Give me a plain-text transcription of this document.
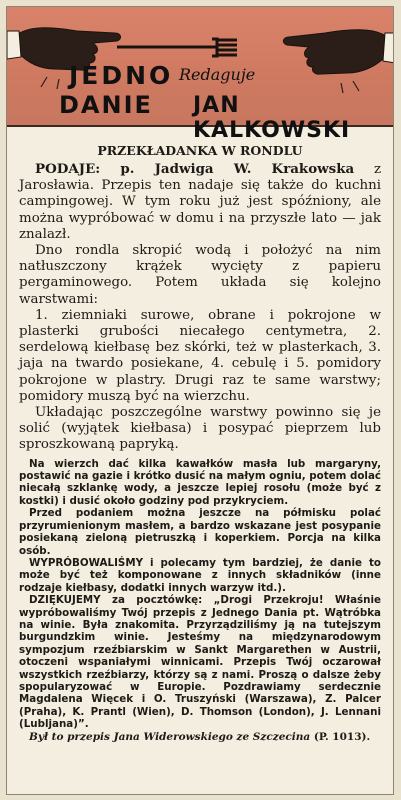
JEDNO Redaguje
DANIE JAN KALKOWSKI

PRZEKŁADANKA W RONDLU

PODAJE: p. Jadwiga W. Krakowska z Jarosławia. Przepis ten nadaje się także do kuchni campingowej. W tym roku już jest spóźniony, ale można wypróbować w domu i na przyszłe lato — jak znalazł.

Dno rondla skropić wodą i położyć na nim natłuszczony krążek wycięty z papieru pergaminowego. Potem układa się kolejno warstwami:

1. ziemniaki surowe, obrane i pokrojone w plasterki grubości niecałego centymetra, 2. serdelową kiełbasę bez skórki, też w plasterkach, 3. jaja na twardo posiekane, 4. cebulę i 5. pomidory pokrojone w plastry. Drugi raz te same warstwy; pomidory muszą być na wierzchu.

Układając poszczególne warstwy powinno się je solić (wyjątek kiełbasa) i posypać pieprzem lub sproszkowaną papryką.

Na wierzch dać kilka kawałków masła lub margaryny, postawić na gazie i krótko dusić na małym ogniu, potem dolać niecałą szklankę wody, a jeszcze lepiej rosołu (może być z kostki) i dusić około godziny pod przykryciem.

Przed podaniem można jeszcze na półmisku polać przyrumienionym masłem, a bardzo wskazane jest posypanie posiekaną zieloną pietruszką i koperkiem. Porcja na kilka osób.

WYPRÓBOWALIŚMY i polecamy tym bardziej, że danie to może być też komponowane z innych składników (inne rodzaje kiełbasy, dodatki innych warzyw itd.).

DZIĘKUJEMY za pocztówkę: „Drogi Przekroju! Właśnie wypróbowaliśmy Twój przepis z Jednego Dania pt. Wątróbka na winie. Była znakomita. Przyrządziliśmy ją na tutejszym burgundzkim winie. Jesteśmy na międzynarodowym sympozjum rzeźbiarskim w Sankt Margarethen w Austrii, otoczeni wspaniałymi winnicami. Przepis Twój oczarował wszystkich rzeźbiarzy, którzy są z nami. Proszą o dalsze żeby spopularyzować w Europie. Pozdrawiamy serdecznie Magdalena Więcek i O. Truszyński (Warszawa), Z. Palcer (Praha), K. Prantl (Wien), D. Thomson (London), J. Lennani (Lubljana)”.

Był to przepis Jana Widerowskiego ze Szczecina (P. 1013).
